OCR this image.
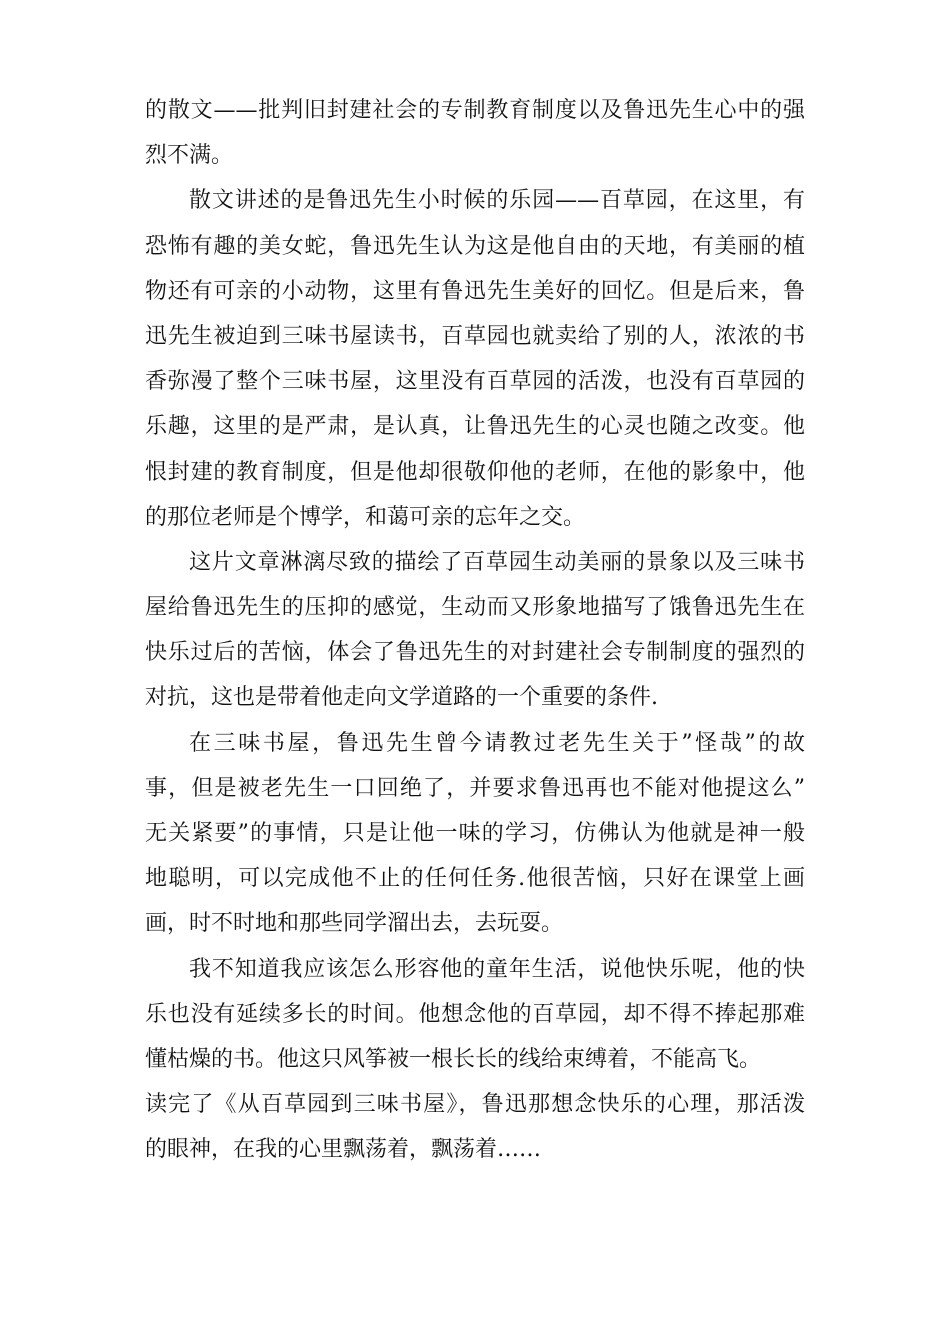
的散文——批判旧封建社会的专制教育制度以及鲁迅先生心中的强
烈不满。
散文讲述的是鲁迅先生小时候的乐园——百草园，在这里，有
恐怖有趣的美女蛇，鲁迅先生认为这是他自由的天地，有美丽的植
物还有可亲的小动物，这里有鲁迅先生美好的回忆。但是后来，鲁
迅先生被迫到三味书屋读书，百草园也就卖给了别的人，浓浓的书
香弥漫了整个三味书屋，这里没有百草园的活泼，也没有百草园的
乐趣，这里的是严肃，是认真，让鲁迅先生的心灵也随之改变。他
恨封建的教育制度，但是他却很敬仰他的老师，在他的影象中，他
的那位老师是个博学，和蔼可亲的忘年之交。
这片文章淋漓尽致的描绘了百草园生动美丽的景象以及三味书
屋给鲁迅先生的压抑的感觉，生动而又形象地描写了饿鲁迅先生在
快乐过后的苦恼，体会了鲁迅先生的对封建社会专制制度的强烈的
对抗，这也是带着他走向文学道路的一个重要的条件.
在三味书屋，鲁迅先生曾今请教过老先生关于”怪哉”的故
事，但是被老先生一口回绝了，并要求鲁迅再也不能对他提这么”
无关紧要”的事情，只是让他一味的学习，仿佛认为他就是神一般
地聪明，可以完成他不止的任何任务.他很苦恼，只好在课堂上画
画，时不时地和那些同学溜出去，去玩耍。
我不知道我应该怎么形容他的童年生活，说他快乐呢，他的快
乐也没有延续多长的时间。他想念他的百草园，却不得不捧起那难
懂枯燥的书。他这只风筝被一根长长的线给束缚着，不能高飞。
读完了《从百草园到三味书屋》，鲁迅那想念快乐的心理，那活泼
的眼神，在我的心里飘荡着，飘荡着……
